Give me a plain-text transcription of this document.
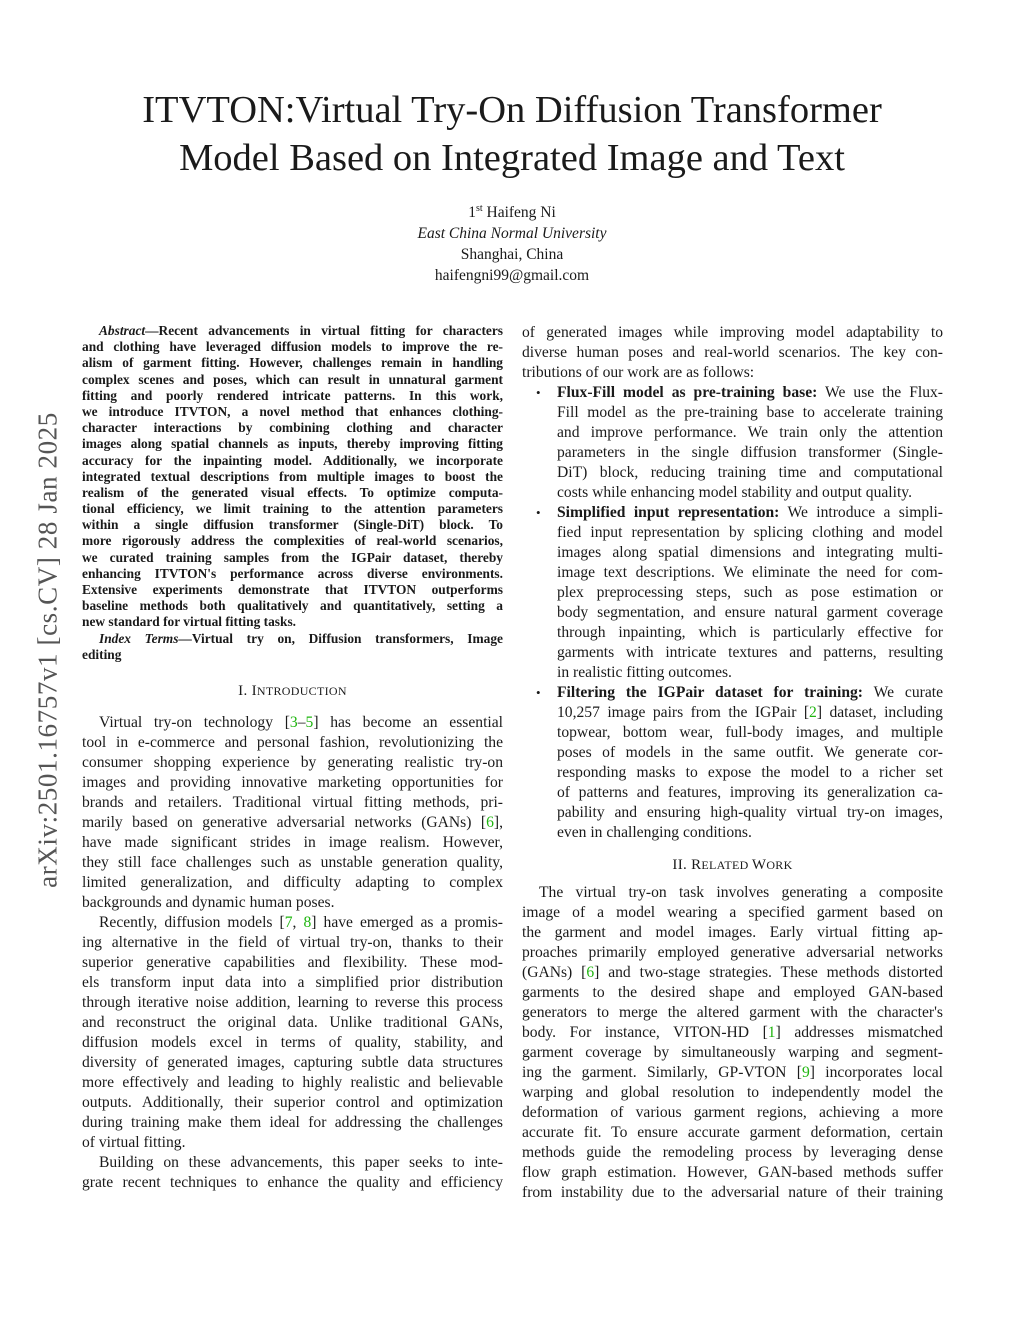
arXiv:2501.16757v1 [cs.CV] 28 Jan 2025
ITVTON:Virtual Try-On Diffusion Transformer
Model Based on Integrated Image and Text
1st Haifeng Ni
East China Normal University
Shanghai, China
haifengni99@gmail.com
Abstract—Recent advancements in virtual fitting for characters
and clothing have leveraged diffusion models to improve the re-
alism of garment fitting. However, challenges remain in handling
complex scenes and poses, which can result in unnatural garment
fitting and poorly rendered intricate patterns. In this work,
we introduce ITVTON, a novel method that enhances clothing-
character interactions by combining clothing and character
images along spatial channels as inputs, thereby improving fitting
accuracy for the inpainting model. Additionally, we incorporate
integrated textual descriptions from multiple images to boost the
realism of the generated visual effects. To optimize computa-
tional efficiency, we limit training to the attention parameters
within a single diffusion transformer (Single-DiT) block. To
more rigorously address the complexities of real-world scenarios,
we curated training samples from the IGPair dataset, thereby
enhancing ITVTON's performance across diverse environments.
Extensive experiments demonstrate that ITVTON outperforms
baseline methods both qualitatively and quantitatively, setting a
new standard for virtual fitting tasks.
Index Terms—Virtual try on, Diffusion transformers, Image
editing
I. INTRODUCTION
Virtual try-on technology [3–5] has become an essential
tool in e-commerce and personal fashion, revolutionizing the
consumer shopping experience by generating realistic try-on
images and providing innovative marketing opportunities for
brands and retailers. Traditional virtual fitting methods, pri-
marily based on generative adversarial networks (GANs) [6],
have made significant strides in image realism. However,
they still face challenges such as unstable generation quality,
limited generalization, and difficulty adapting to complex
backgrounds and dynamic human poses.
Recently, diffusion models [7, 8] have emerged as a promis-
ing alternative in the field of virtual try-on, thanks to their
superior generative capabilities and flexibility. These mod-
els transform input data into a simplified prior distribution
through iterative noise addition, learning to reverse this process
and reconstruct the original data. Unlike traditional GANs,
diffusion models excel in terms of quality, stability, and
diversity of generated images, capturing subtle data structures
more effectively and leading to highly realistic and believable
outputs. Additionally, their superior control and optimization
during training make them ideal for addressing the challenges
of virtual fitting.
Building on these advancements, this paper seeks to inte-
grate recent techniques to enhance the quality and efficiency
of generated images while improving model adaptability to
diverse human poses and real-world scenarios. The key con-
tributions of our work are as follows:
• Flux-Fill model as pre-training base: We use the Flux-
Fill model as the pre-training base to accelerate training
and improve performance. We train only the attention
parameters in the single diffusion transformer (Single-
DiT) block, reducing training time and computational
costs while enhancing model stability and output quality.
• Simplified input representation: We introduce a simpli-
fied input representation by splicing clothing and model
images along spatial dimensions and integrating multi-
image text descriptions. We eliminate the need for com-
plex preprocessing steps, such as pose estimation or
body segmentation, and ensure natural garment coverage
through inpainting, which is particularly effective for
garments with intricate textures and patterns, resulting
in realistic fitting outcomes.
• Filtering the IGPair dataset for training: We curate
10,257 image pairs from the IGPair [2] dataset, including
topwear, bottom wear, full-body images, and multiple
poses of models in the same outfit. We generate cor-
responding masks to expose the model to a richer set
of patterns and features, improving its generalization ca-
pability and ensuring high-quality virtual try-on images,
even in challenging conditions.
II. RELATED WORK
The virtual try-on task involves generating a composite
image of a model wearing a specified garment based on
the garment and model images. Early virtual fitting ap-
proaches primarily employed generative adversarial networks
(GANs) [6] and two-stage strategies. These methods distorted
garments to the desired shape and employed GAN-based
generators to merge the altered garment with the character's
body. For instance, VITON-HD [1] addresses mismatched
garment coverage by simultaneously warping and segment-
ing the garment. Similarly, GP-VTON [9] incorporates local
warping and global resolution to independently model the
deformation of various garment regions, achieving a more
accurate fit. To ensure accurate garment deformation, certain
methods guide the remodeling process by leveraging dense
flow graph estimation. However, GAN-based methods suffer
from instability due to the adversarial nature of their training
